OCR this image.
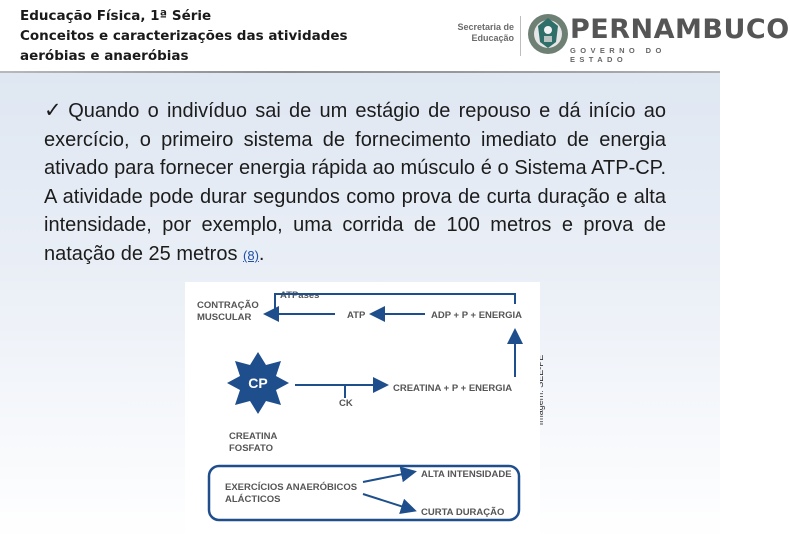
Educação Física, 1ª Série
Conceitos e caracterizações das atividades
aeróbias e anaeróbias
Secretaria de
Educação PERNAMBUCO
GOVERNO DO ESTADO
✓ Quando o indivíduo sai de um estágio de repouso e dá início ao exercício, o primeiro sistema de fornecimento imediato de energia ativado para fornecer energia rápida ao músculo é o Sistema ATP-CP. A atividade pode durar segundos como prova de curta duração e alta intensidade, por exemplo, uma corrida de 100 metros e prova de natação de 25 metros (8).
Imagem: SEE-PE
CONTRAÇÃO
MUSCULAR
ATPases
ATP	ADP + P + ENERGIA
CREATINA + P + ENERGIA
CK
CREATINA
FOSFATO
EXERCÍCIOS ANAERÓBICOS
ALÁCTICOS
ALTA INTENSIDADE
CURTA DURAÇÃO
CP
